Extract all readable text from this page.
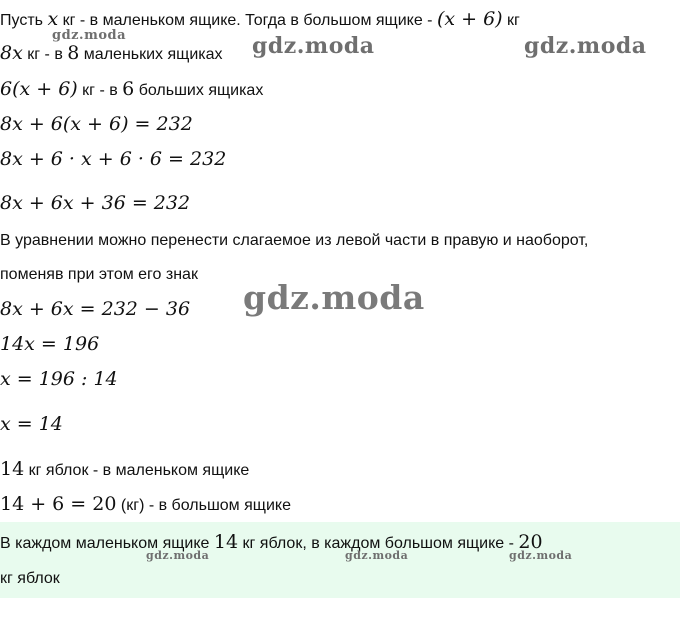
gdz.moda	gdz.moda	gdz.moda
gdz.moda
Пусть x кг - в маленьком ящике. Тогда в большом ящике - (x + 6) кг
8x кг - в 8 маленьких ящиках
6(x + 6) кг - в 6 больших ящиках
8x + 6(x + 6) = 232
8x + 6 · x + 6 · 6 = 232
8x + 6x + 36 = 232
В уравнении можно перенести слагаемое из левой части в правую и наоборот,
поменяв при этом его знак
8x + 6x = 232 − 36
14x = 196
x = 196 : 14
x = 14
14 кг яблок - в маленьком ящике
14 + 6 = 20 (кг) - в большом ящике
В каждом маленьком ящике 14 кг яблок, в каждом большом ящике - 20
кг яблок
gdz.moda	gdz.moda	gdz.moda
